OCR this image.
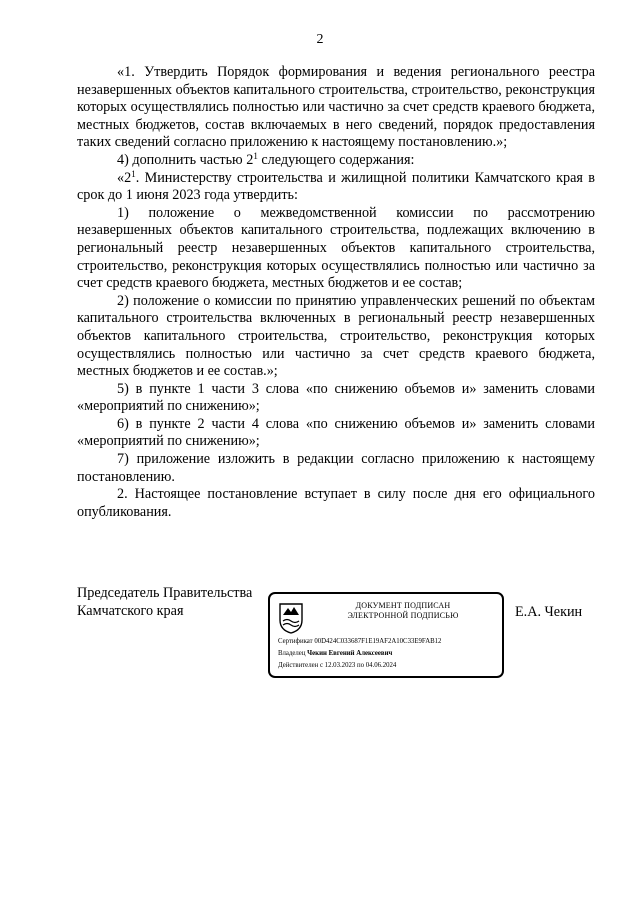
2

«1. Утвердить Порядок формирования и ведения регионального реестра незавершенных объектов капитального строительства, строительство, реконструкция которых осуществлялись полностью или частично за счет средств краевого бюджета, местных бюджетов, состав включаемых в него сведений, порядок предоставления таких сведений согласно приложению к настоящему постановлению.»;

4) дополнить частью $2^1$ следующего содержания:

«$2^1$. Министерству строительства и жилищной политики Камчатского края в срок до 1 июня 2023 года утвердить:

1) положение о межведомственной комиссии по рассмотрению незавершенных объектов капитального строительства, подлежащих включению в региональный реестр незавершенных объектов капитального строительства, строительство, реконструкция которых осуществлялись полностью или частично за счет средств краевого бюджета, местных бюджетов и ее состав;

2) положение о комиссии по принятию управленческих решений по объектам капитального строительства включенных в региональный реестр незавершенных объектов капитального строительства, строительство, реконструкция которых осуществлялись полностью или частично за счет средств краевого бюджета, местных бюджетов и ее состав.»;

5) в пункте 1 части 3 слова «по снижению объемов и» заменить словами «мероприятий по снижению»;

6) в пункте 2 части 4 слова «по снижению объемов и» заменить словами «мероприятий по снижению»;

7) приложение изложить в редакции согласно приложению к настоящему постановлению.

2. Настоящее постановление вступает в силу после дня его официального опубликования.

Председатель Правительства
Камчатского края	ДОКУМЕНТ ПОДПИСАН
ЭЛЕКТРОННОЙ ПОДПИСЬЮ
Сертификат 00D424C033687F1E19AF2A10C33E9FAB12
Владелец Чекин Евгений Алексеевич
Действителен с 12.03.2023 по 04.06.2024
Е.А. Чекин
